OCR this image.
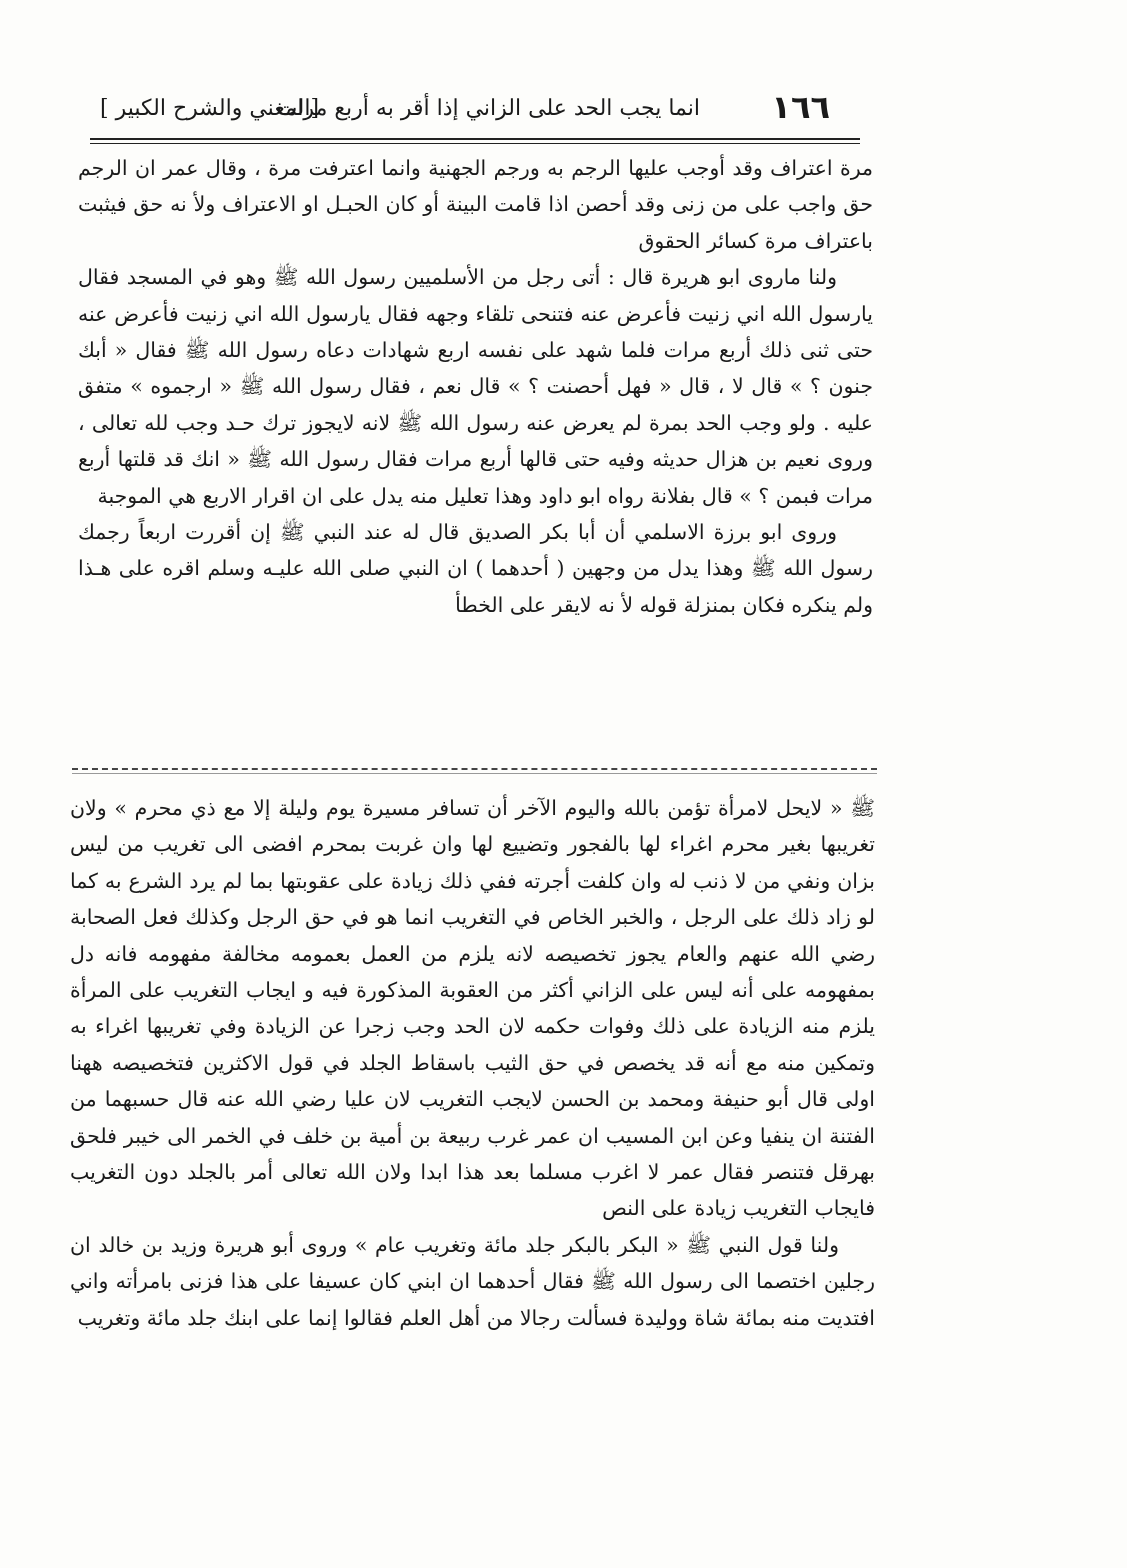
١٦٦
انما يجب الحد على الزاني إذا أقر به أربع مرات
[المغني والشرح الكبير ]

مرة اعتراف وقد أوجب عليها الرجم به ورجم الجهنية وانما اعترفت مرة ، وقال عمر ان الرجم حق واجب على من زنى وقد أحصن اذا قامت البينة أو كان الحبـل او الاعتراف ولأ نه حق فيثبت باعتراف مرة كسائر الحقوق

ولنا ماروى ابو هريرة قال : أتى رجل من الأسلميين رسول الله ﷺ وهو في المسجد فقال يارسول الله اني زنيت فأعرض عنه فتنحى تلقاء وجهه فقال يارسول الله اني زنيت فأعرض عنه حتى ثنى ذلك أربع مرات فلما شهد على نفسه اربع شهادات دعاه رسول الله ﷺ فقال « أبك جنون ؟ » قال لا ، قال « فهل أحصنت ؟ » قال نعم ، فقال رسول الله ﷺ « ارجموه » متفق عليه . ولو وجب الحد بمرة لم يعرض عنه رسول الله ﷺ لانه لايجوز ترك حـد وجب لله تعالى ، وروى نعيم بن هزال حديثه وفيه حتى قالها أربع مرات فقال رسول الله ﷺ « انك قد قلتها أربع مرات فبمن ؟ » قال بفلانة رواه ابو داود وهذا تعليل منه يدل على ان اقرار الاربع هي الموجبة

وروى ابو برزة الاسلمي أن أبا بكر الصديق قال له عند النبي ﷺ إن أقررت اربعاً رجمك رسول الله ﷺ وهذا يدل من وجهين ( أحدهما ) ان النبي صلى الله عليـه وسلم اقره على هـذا ولم ينكره فكان بمنزلة قوله لأ نه لايقر على الخطأ

ﷺ « لايحل لامرأة تؤمن بالله واليوم الآخر أن تسافر مسيرة يوم وليلة إلا مع ذي محرم » ولان تغريبها بغير محرم اغراء لها بالفجور وتضييع لها وان غربت بمحرم افضى الى تغريب من ليس بزان ونفي من لا ذنب له وان كلفت أجرته ففي ذلك زيادة على عقوبتها بما لم يرد الشرع به كما لو زاد ذلك على الرجل ، والخبر الخاص في التغريب انما هو في حق الرجل وكذلك فعل الصحابة رضي الله عنهم والعام يجوز تخصيصه لانه يلزم من العمل بعمومه مخالفة مفهومه فانه دل بمفهومه على أنه ليس على الزاني أكثر من العقوبة المذكورة فيه و ايجاب التغريب على المرأة يلزم منه الزيادة على ذلك وفوات حكمه لان الحد وجب زجرا عن الزيادة وفي تغريبها اغراء به وتمكين منه مع أنه قد يخصص في حق الثيب باسقاط الجلد في قول الاكثرين فتخصيصه ههنا اولى قال أبو حنيفة ومحمد بن الحسن لايجب التغريب لان عليا رضي الله عنه قال حسبهما من الفتنة ان ينفيا وعن ابن المسيب ان عمر غرب ربيعة بن أمية بن خلف في الخمر الى خيبر فلحق بهرقل فتنصر فقال عمر لا اغرب مسلما بعد هذا ابدا ولان الله تعالى أمر بالجلد دون التغريب فايجاب التغريب زيادة على النص

ولنا قول النبي ﷺ « البكر بالبكر جلد مائة وتغريب عام » وروى أبو هريرة وزيد بن خالد ان رجلين اختصما الى رسول الله ﷺ فقال أحدهما ان ابني كان عسيفا على هذا فزنى بامرأته واني افتديت منه بمائة شاة ووليدة فسألت رجالا من أهل العلم فقالوا إنما على ابنك جلد مائة وتغريب
